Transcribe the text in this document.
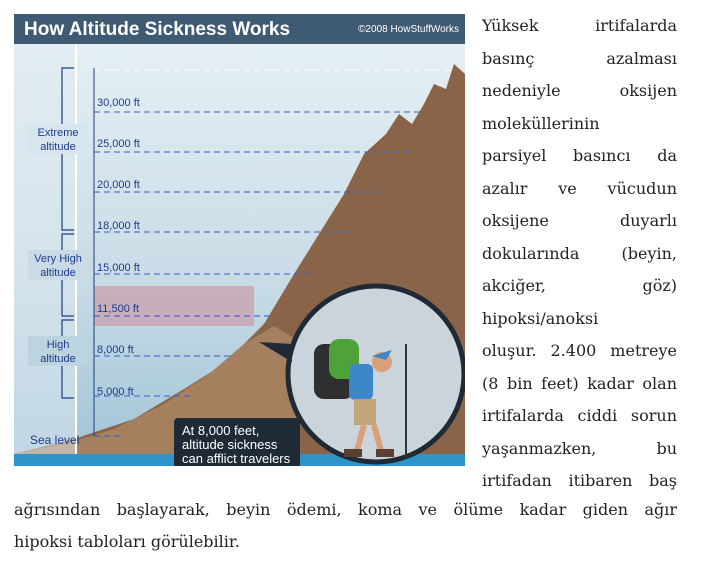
How Altitude Sickness Works	©2008 HowStuffWorks
30,000 ft
25,000 ft
20,000 ft
18,000 ft
15,000 ft
11,500 ft
8,000 ft
5,000 ft
Extreme
altitude
Very High
altitude
High
altitude
Sea level
At 8,000 feet,
altitude sickness
can afflict travelers
Yüksek irtifalarda
basınç azalması
nedeniyle oksijen
moleküllerinin
parsiyel basıncı da
azalır ve vücudun
oksijene duyarlı
dokularında (beyin,
akciğer, göz)
hipoksi/anoksi
oluşur. 2.400 metreye
(8 bin feet) kadar olan
irtifalarda ciddi sorun
yaşanmazken, bu
irtifadan itibaren baş
ağrısından başlayarak, beyin ödemi, koma ve ölüme kadar giden ağır
hipoksi tabloları görülebilir.
